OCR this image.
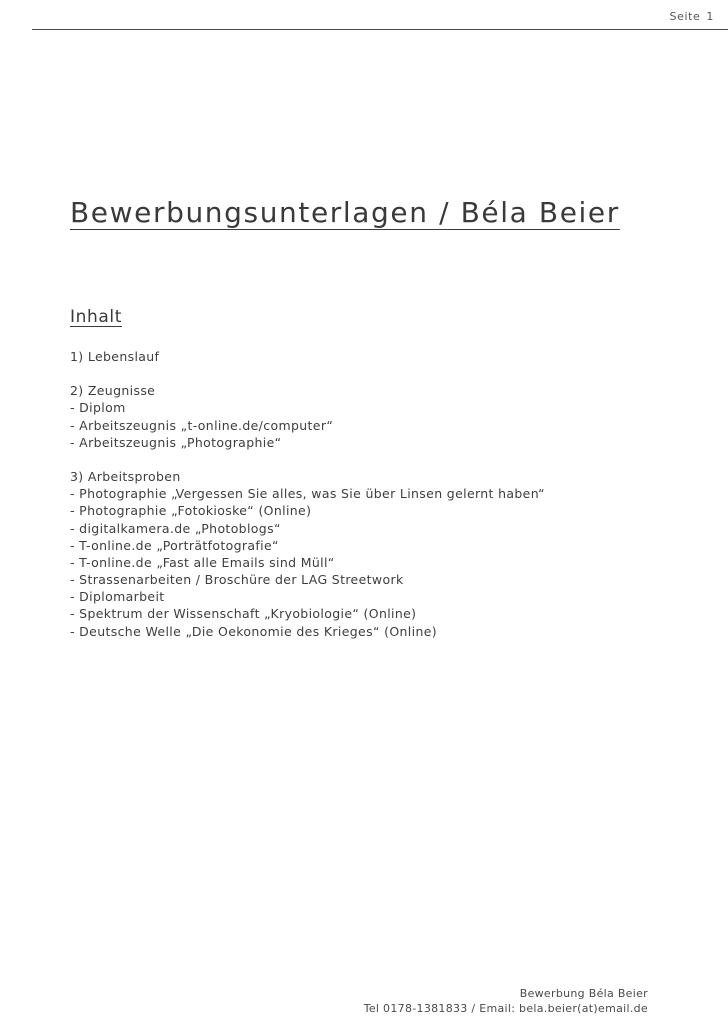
Seite 1
Bewerbungsunterlagen / Béla Beier
Inhalt
1) Lebenslauf
2) Zeugnisse
- Diplom
- Arbeitszeugnis „t-online.de/computer“
- Arbeitszeugnis „Photographie“
3) Arbeitsproben
- Photographie „Vergessen Sie alles, was Sie über Linsen gelernt haben“
- Photographie „Fotokioske“ (Online)
- digitalkamera.de „Photoblogs“
- T-online.de „Porträtfotografie“
- T-online.de „Fast alle Emails sind Müll“
- Strassenarbeiten / Broschüre der LAG Streetwork
- Diplomarbeit
- Spektrum der Wissenschaft „Kryobiologie“ (Online)
- Deutsche Welle „Die Oekonomie des Krieges“ (Online)
Bewerbung Béla Beier
Tel 0178-1381833 / Email: bela.beier(at)email.de
